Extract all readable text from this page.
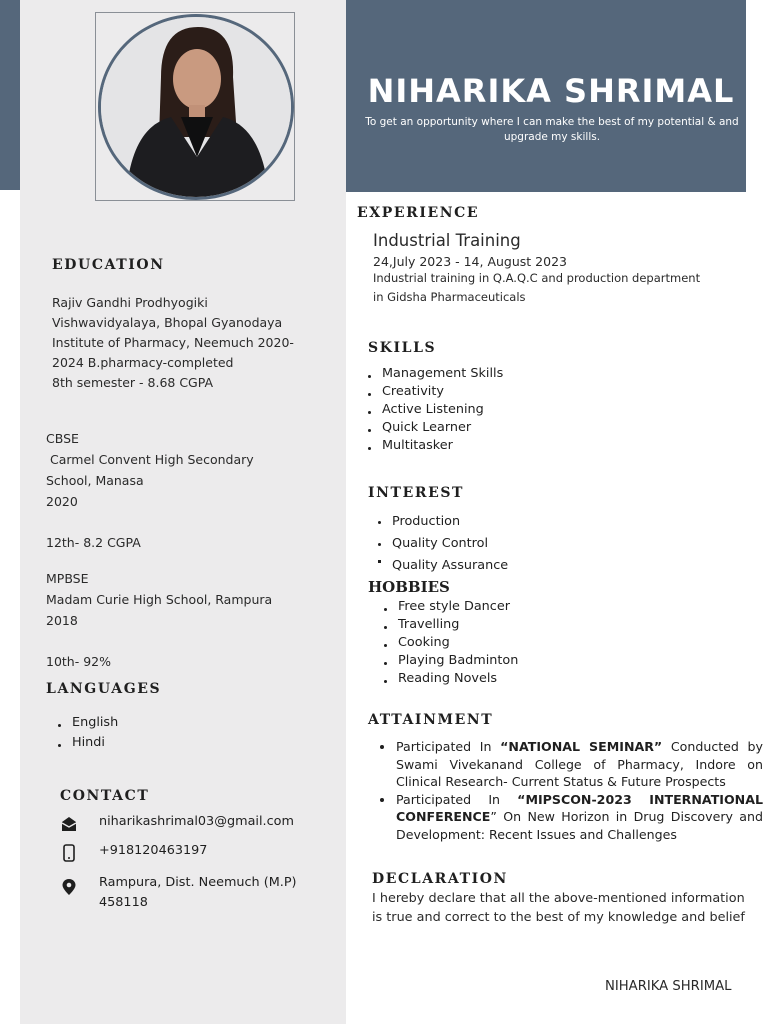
NIHARIKA SHRIMAL
To get an opportunity where I can make the best of my potential & and upgrade my skills.
EDUCATION
Rajiv Gandhi Prodhyogiki
Vishwavidyalaya, Bhopal Gyanodaya
Institute of Pharmacy, Neemuch 2020-
2024 B.pharmacy-completed
8th semester - 8.68 CGPA
CBSE
Carmel Convent High Secondary
School, Manasa
2020
12th- 8.2 CGPA
MPBSE
Madam Curie High School, Rampura
2018
10th- 92%
LANGUAGES
English
Hindi
CONTACT
niharikashrimal03@gmail.com
+918120463197
Rampura, Dist. Neemuch (M.P)
458118
EXPERIENCE
Industrial Training
24,July 2023 - 14, August 2023
Industrial training in Q.A.Q.C and production department
in Gidsha Pharmaceuticals
SKILLS
Management Skills
Creativity
Active Listening
Quick Learner
Multitasker
INTEREST
Production
Quality Control
Quality Assurance
HOBBIES
Free style Dancer
Travelling
Cooking
Playing Badminton
Reading Novels
ATTAINMENT
Participated In “NATIONAL SEMINAR” Conducted by Swami Vivekanand College of Pharmacy, Indore on Clinical Research- Current Status & Future Prospects
Participated In “MIPSCON-2023 INTERNATIONAL CONFERENCE” On New Horizon in Drug Discovery and Development: Recent Issues and Challenges
DECLARATION
I hereby declare that all the above-mentioned information
is true and correct to the best of my knowledge and belief
NIHARIKA SHRIMAL
